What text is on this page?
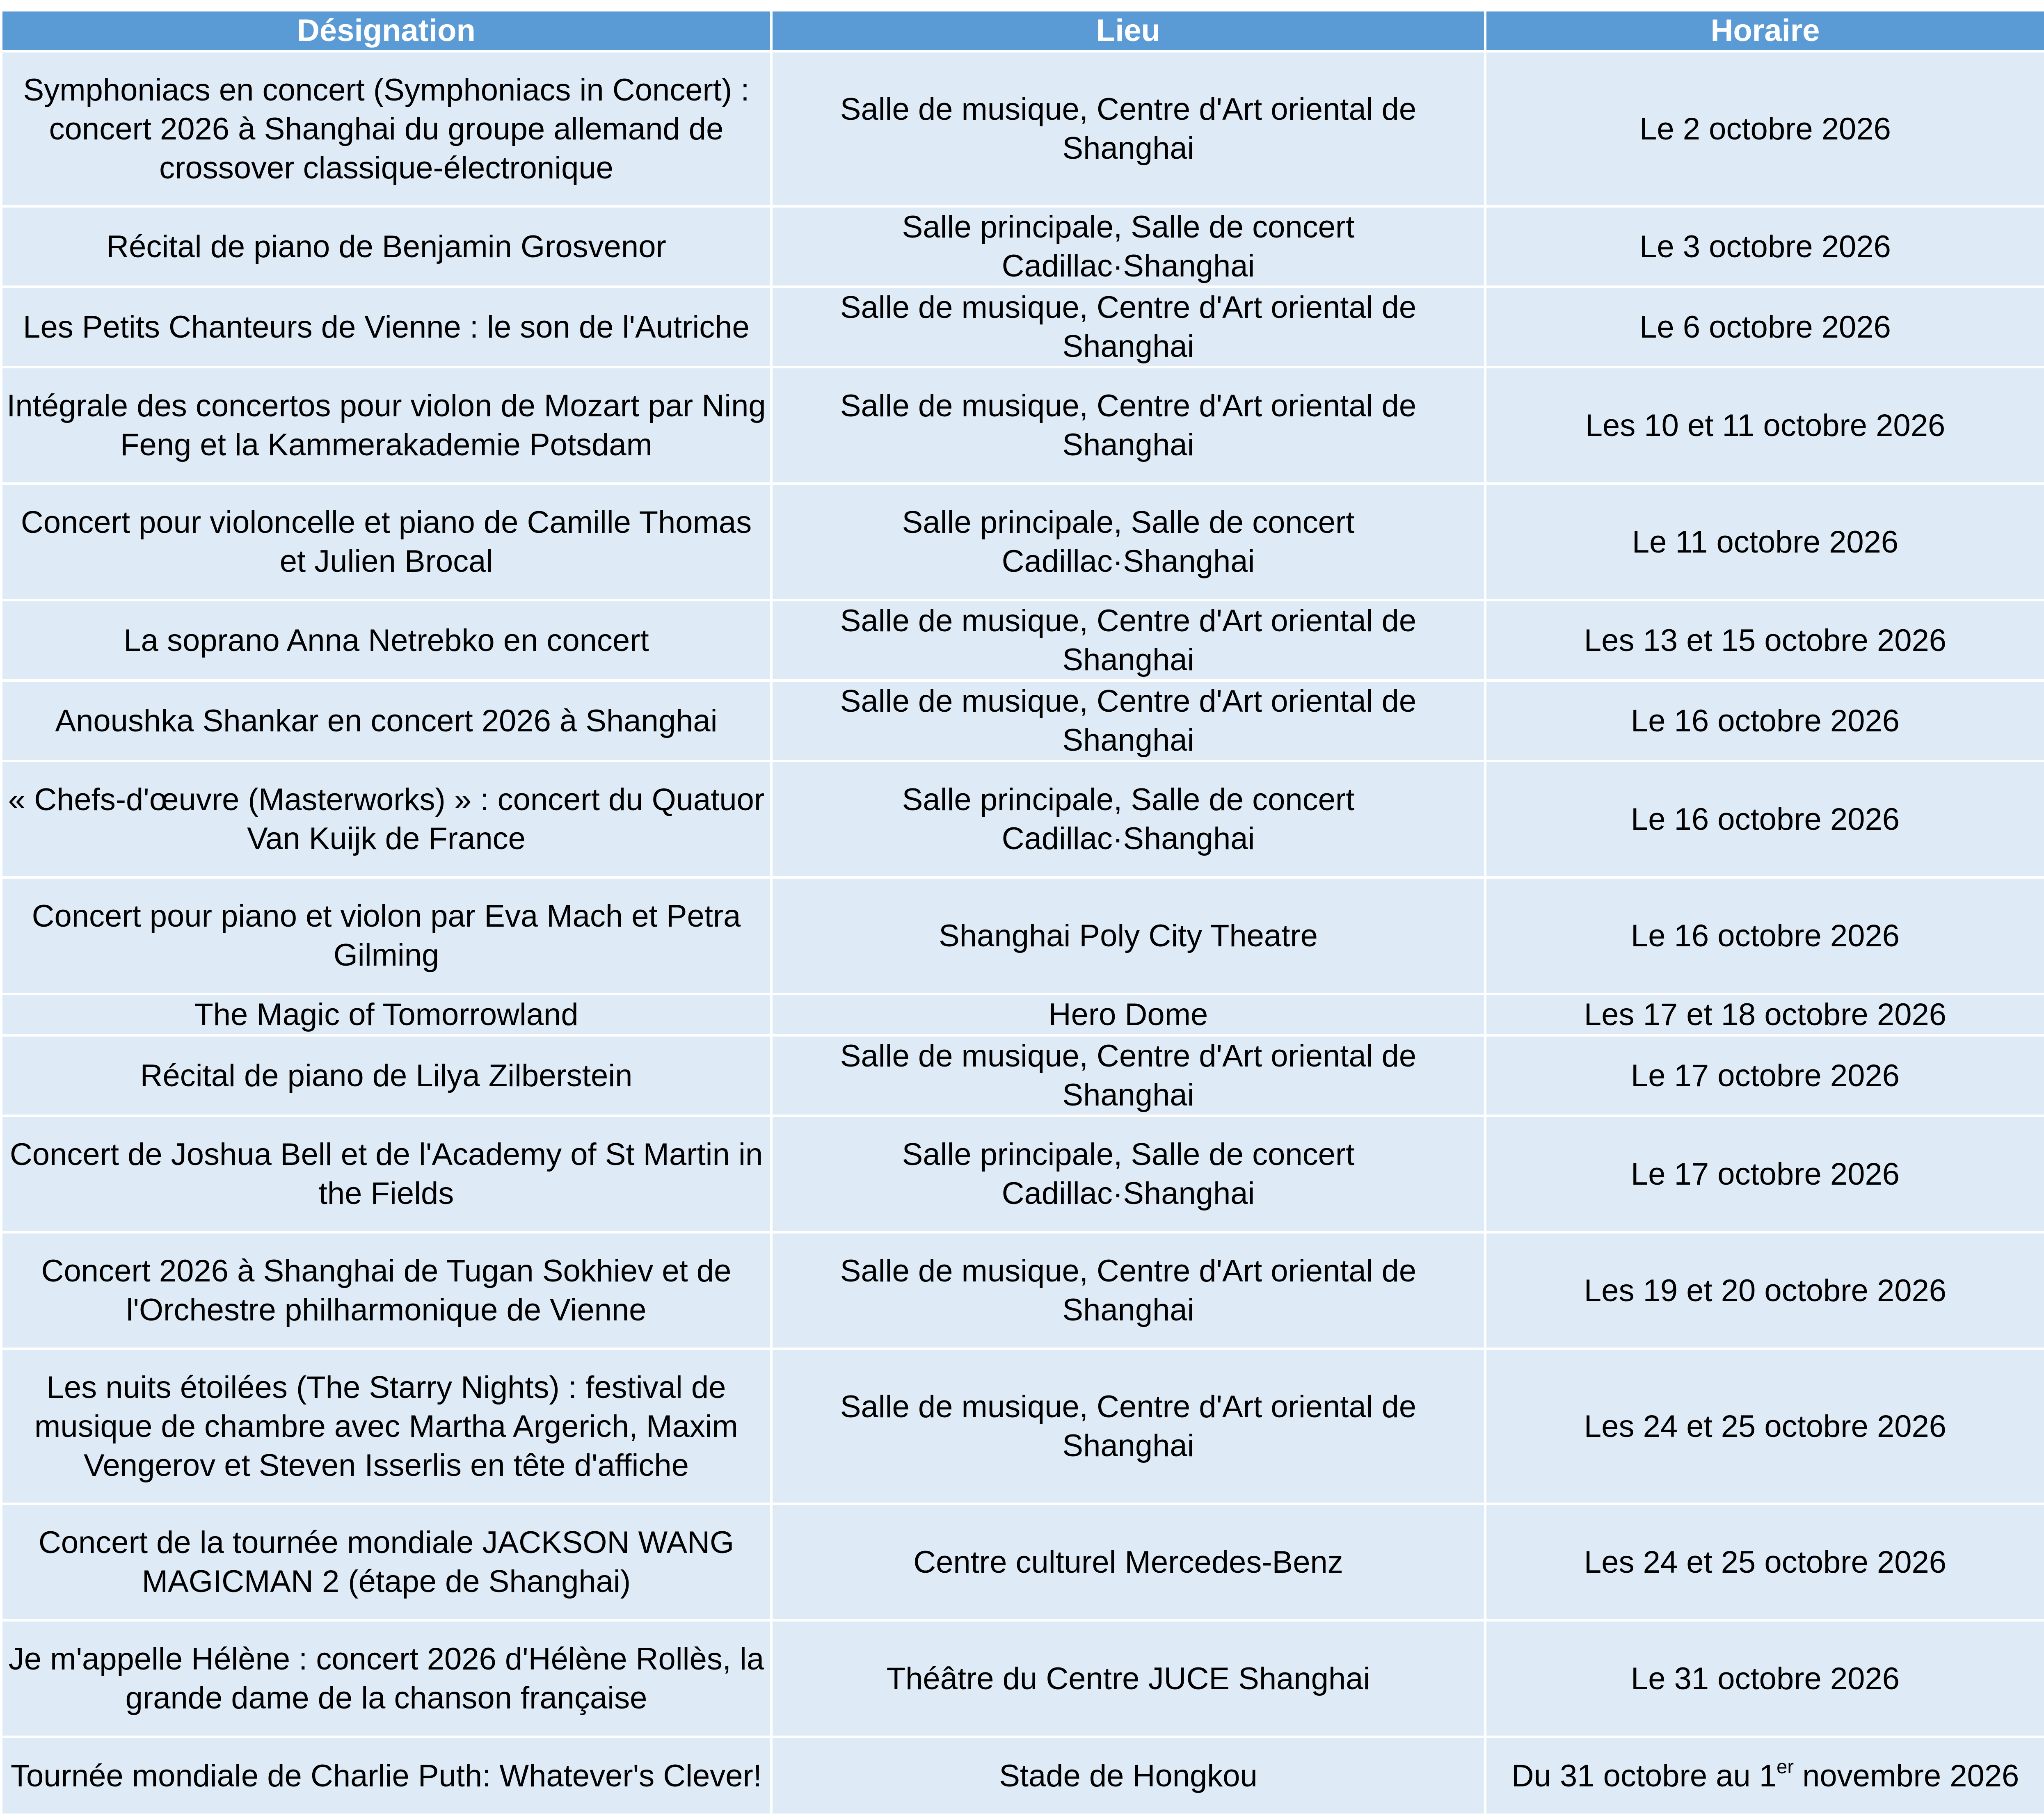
Désignation	Lieu	Horaire
Symphoniacs en concert (Symphoniacs in Concert) : concert 2026 à Shanghai du groupe allemand de crossover classique-électronique	Salle de musique, Centre d'Art oriental de Shanghai	Le 2 octobre 2026
Récital de piano de Benjamin Grosvenor	Salle principale, Salle de concert Cadillac·Shanghai	Le 3 octobre 2026
Les Petits Chanteurs de Vienne : le son de l'Autriche	Salle de musique, Centre d'Art oriental de Shanghai	Le 6 octobre 2026
Intégrale des concertos pour violon de Mozart par Ning Feng et la Kammerakademie Potsdam	Salle de musique, Centre d'Art oriental de Shanghai	Les 10 et 11 octobre 2026
Concert pour violoncelle et piano de Camille Thomas et Julien Brocal	Salle principale, Salle de concert Cadillac·Shanghai	Le 11 octobre 2026
La soprano Anna Netrebko en concert	Salle de musique, Centre d'Art oriental de Shanghai	Les 13 et 15 octobre 2026
Anoushka Shankar en concert 2026 à Shanghai	Salle de musique, Centre d'Art oriental de Shanghai	Le 16 octobre 2026
« Chefs-d'œuvre (Masterworks) » : concert du Quatuor Van Kuijk de France	Salle principale, Salle de concert Cadillac·Shanghai	Le 16 octobre 2026
Concert pour piano et violon par Eva Mach et Petra Gilming	Shanghai Poly City Theatre	Le 16 octobre 2026
The Magic of Tomorrowland	Hero Dome	Les 17 et 18 octobre 2026
Récital de piano de Lilya Zilberstein	Salle de musique, Centre d'Art oriental de Shanghai	Le 17 octobre 2026
Concert de Joshua Bell et de l'Academy of St Martin in the Fields	Salle principale, Salle de concert Cadillac·Shanghai	Le 17 octobre 2026
Concert 2026 à Shanghai de Tugan Sokhiev et de l'Orchestre philharmonique de Vienne	Salle de musique, Centre d'Art oriental de Shanghai	Les 19 et 20 octobre 2026
Les nuits étoilées (The Starry Nights) : festival de musique de chambre avec Martha Argerich, Maxim Vengerov et Steven Isserlis en tête d'affiche	Salle de musique, Centre d'Art oriental de Shanghai	Les 24 et 25 octobre 2026
Concert de la tournée mondiale JACKSON WANG MAGICMAN 2 (étape de Shanghai)	Centre culturel Mercedes-Benz	Les 24 et 25 octobre 2026
Je m'appelle Hélène : concert 2026 d'Hélène Rollès, la grande dame de la chanson française	Théâtre du Centre JUCE Shanghai	Le 31 octobre 2026
Tournée mondiale de Charlie Puth: Whatever's Clever!	Stade de Hongkou	Du 31 octobre au 1er novembre 2026
